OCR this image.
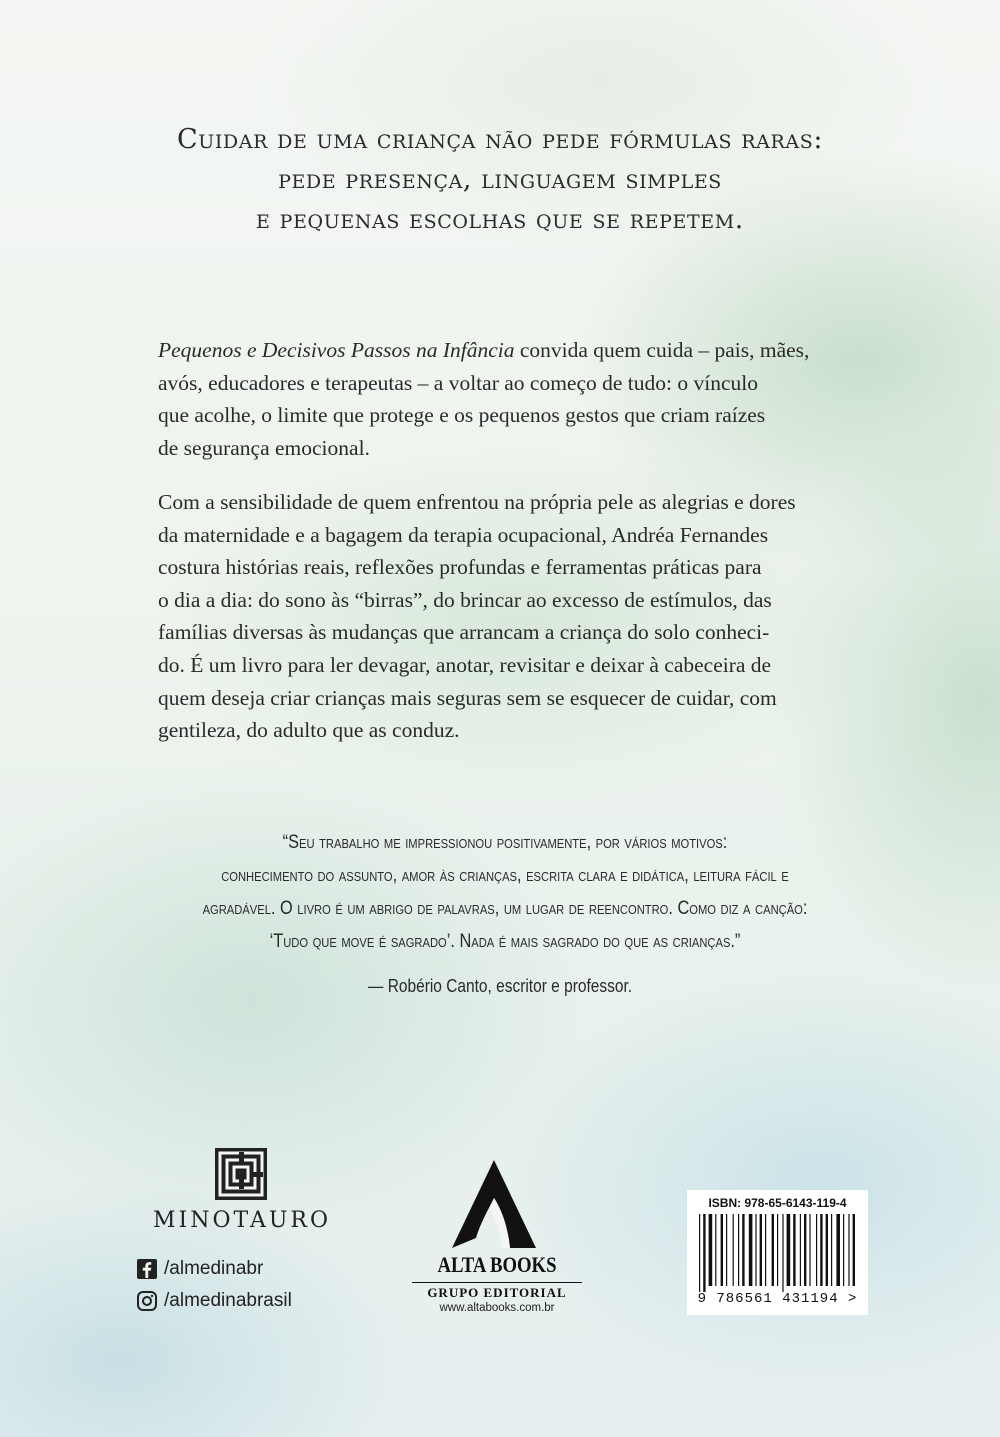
Cuidar de uma criança não pede fórmulas raras:
pede presença, linguagem simples
e pequenas escolhas que se repetem.
Pequenos e Decisivos Passos na Infância convida quem cuida – pais, mães,
avós, educadores e terapeutas – a voltar ao começo de tudo: o vínculo
que acolhe, o limite que protege e os pequenos gestos que criam raízes
de segurança emocional.
Com a sensibilidade de quem enfrentou na própria pele as alegrias e dores
da maternidade e a bagagem da terapia ocupacional, Andréa Fernandes
costura histórias reais, reflexões profundas e ferramentas práticas para
o dia a dia: do sono às “birras”, do brincar ao excesso de estímulos, das
famílias diversas às mudanças que arrancam a criança do solo conheci-
do. É um livro para ler devagar, anotar, revisitar e deixar à cabeceira de
quem deseja criar crianças mais seguras sem se esquecer de cuidar, com
gentileza, do adulto que as conduz.
“Seu trabalho me impressionou positivamente, por vários motivos:
conhecimento do assunto, amor às crianças, escrita clara e didática, leitura fácil e
agradável. O livro é um abrigo de palavras, um lugar de reencontro. Como diz a canção:
‘Tudo que move é sagrado’. Nada é mais sagrado do que as crianças.”
— Robério Canto, escritor e professor.
MINOTAURO
/almedinabr
/almedinabrasil
ALTA BOOKS
GRUPO EDITORIAL
www.altabooks.com.br
ISBN: 978-65-6143-119-4
9 786561 431194 >
